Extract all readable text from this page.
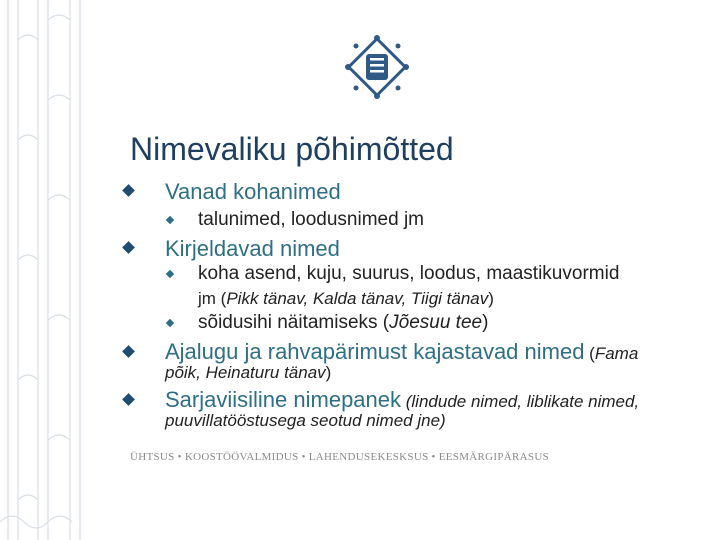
Nimevaliku põhimõtted
Vanad kohanimed
talunimed, loodusnimed jm
Kirjeldavad nimed
koha asend, kuju, suurus, loodus, maastikuvormid
jm (Pikk tänav, Kalda tänav, Tiigi tänav)
sõidusihi näitamiseks (Jõesuu tee)
Ajalugu ja rahvapärimust kajastavad nimed (Fama
põik, Heinaturu tänav)
Sarjaviisiline nimepanek (lindude nimed, liblikate nimed,
puuvillatööstusega seotud nimed jne)
ÜHTSUS • KOOSTÖÖVALMIDUS • LAHENDUSEKESKSUS • EESMÄRGIPÄRASUS
